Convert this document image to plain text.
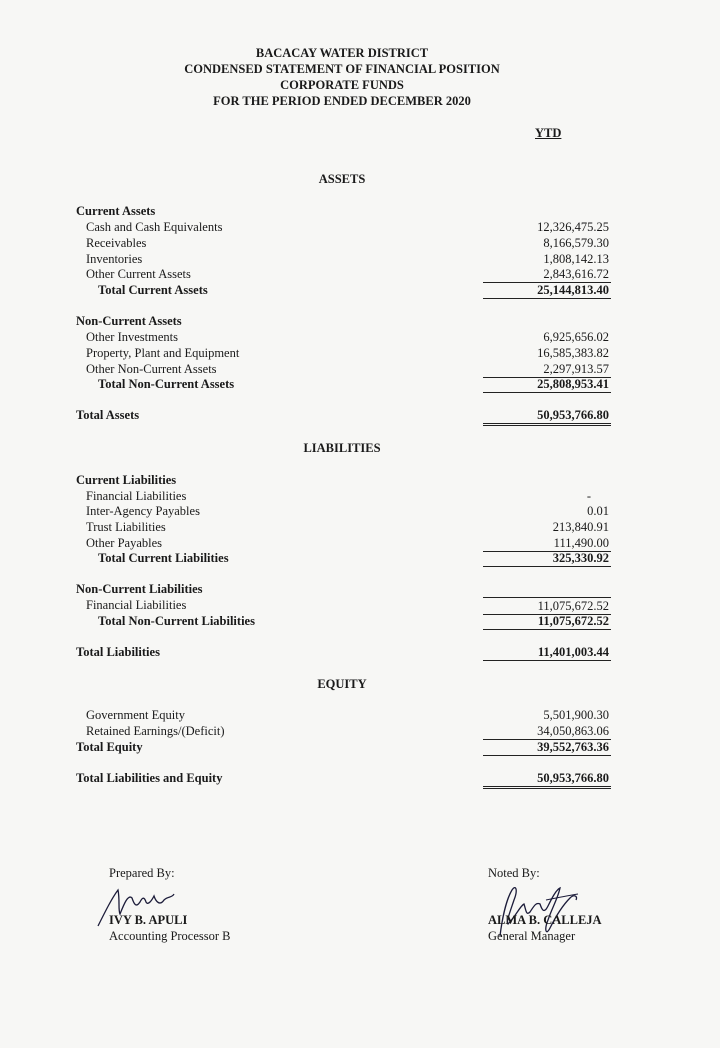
BACACAY WATER DISTRICT
CONDENSED STATEMENT OF FINANCIAL POSITION
CORPORATE FUNDS
FOR THE PERIOD ENDED DECEMBER 2020
YTD
ASSETS
Current Assets
Cash and Cash Equivalents	12,326,475.25
Receivables	8,166,579.30
Inventories	1,808,142.13
Other Current Assets	2,843,616.72
Total Current Assets	25,144,813.40
Non-Current Assets
Other Investments	6,925,656.02
Property, Plant and Equipment	16,585,383.82
Other Non-Current Assets	2,297,913.57
Total Non-Current Assets	25,808,953.41
Total Assets	50,953,766.80
LIABILITIES
Current Liabilities
Financial Liabilities	-
Inter-Agency Payables	0.01
Trust Liabilities	213,840.91
Other Payables	111,490.00
Total Current Liabilities	325,330.92
Non-Current Liabilities
Financial Liabilities	11,075,672.52
Total Non-Current Liabilities	11,075,672.52
Total Liabilities	11,401,003.44
EQUITY
Government Equity	5,501,900.30
Retained Earnings/(Deficit)	34,050,863.06
Total Equity	39,552,763.36
Total Liabilities and Equity	50,953,766.80
Prepared By:
IVY B. APULI
Accounting Processor B
Noted By:
ALMA B. CALLEJA
General Manager
